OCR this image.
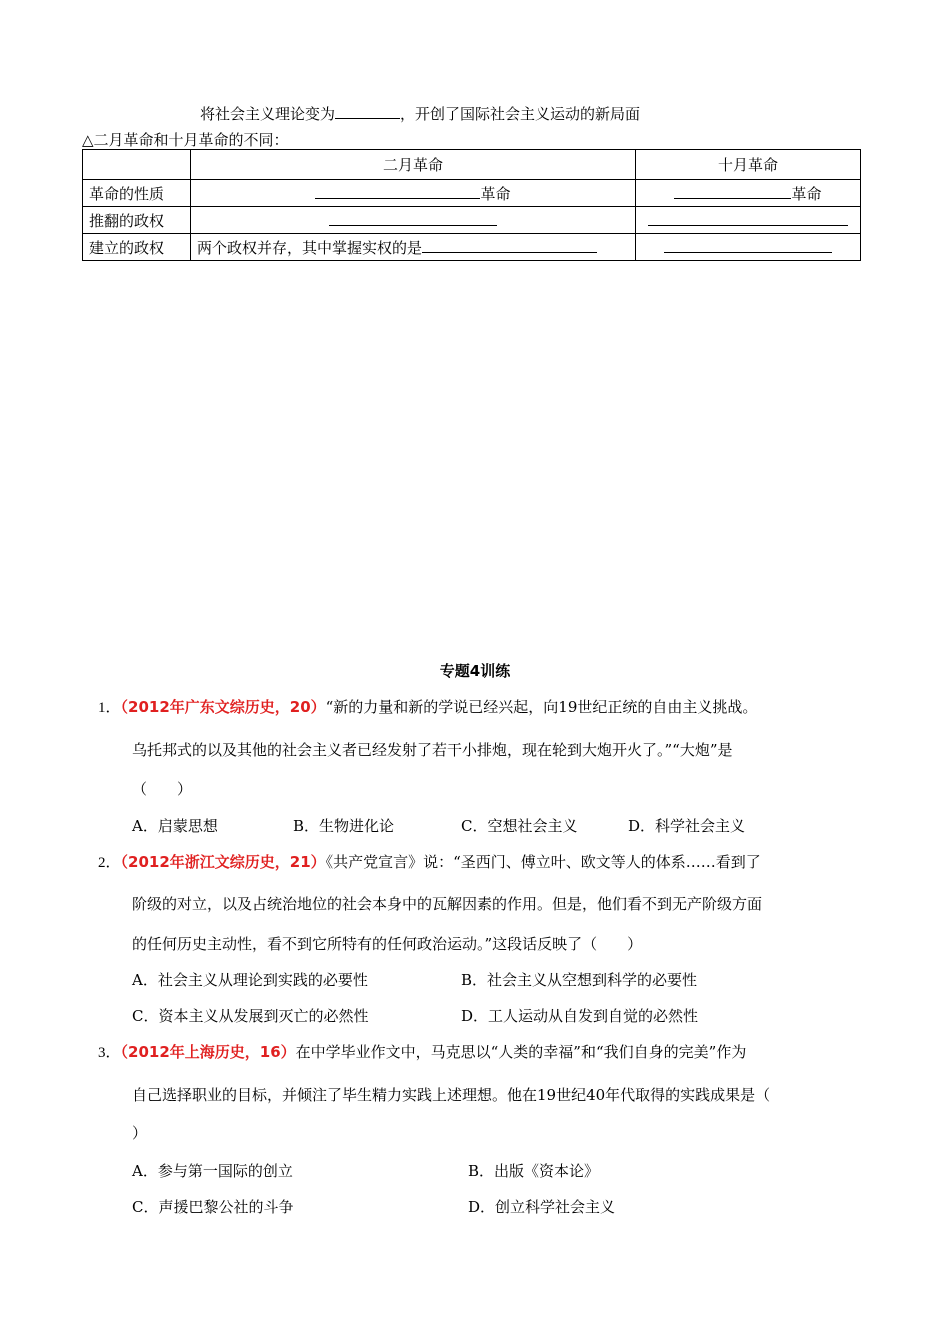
将社会主义理论变为	，开创了国际社会主义运动的新局面
△二月革命和十月革命的不同：
	二月革命	十月革命
革命的性质	革命	革命
推翻的政权		
建立的政权	两个政权并存，其中掌握实权的是	
专题4训练
1．（2012年广东文综历史，20）“新的力量和新的学说已经兴起，向19世纪正统的自由主义挑战。
乌托邦式的以及其他的社会主义者已经发射了若干小排炮，现在轮到大炮开火了。”“大炮”是
（　　）
A．启蒙思想	B．生物进化论	C．空想社会主义	D．科学社会主义
2．（2012年浙江文综历史，21）《共产党宣言》说：“圣西门、傅立叶、欧文等人的体系……看到了
阶级的对立，以及占统治地位的社会本身中的瓦解因素的作用。但是，他们看不到无产阶级方面
的任何历史主动性，看不到它所特有的任何政治运动。”这段话反映了（　　）
A．社会主义从理论到实践的必要性	B．社会主义从空想到科学的必要性
C．资本主义从发展到灭亡的必然性	D．工人运动从自发到自觉的必然性
3．（2012年上海历史，16）在中学毕业作文中，马克思以“人类的幸福”和“我们自身的完美”作为
自己选择职业的目标，并倾注了毕生精力实践上述理想。他在19世纪40年代取得的实践成果是（
）
A．参与第一国际的创立	B．出版《资本论》
C．声援巴黎公社的斗争	D．创立科学社会主义
